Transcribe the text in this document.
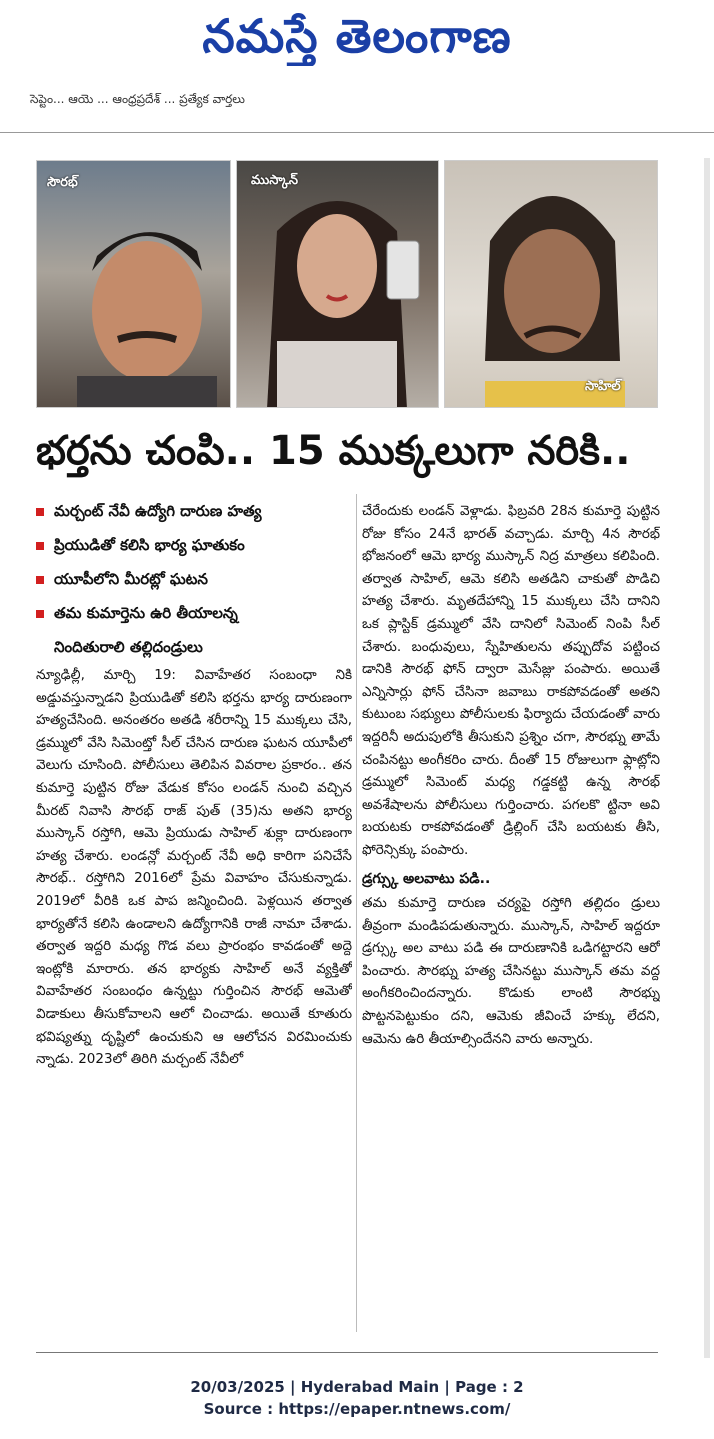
నమస్తే తెలంగాణ
సెప్టెం... ఆయె ... ఆంధ్రప్రదేశ్ ... ప్రత్యేక వార్తలు
సౌరభ్	ముస్కాన్
సాహిల్
భర్తను చంపి.. 15 ముక్కలుగా నరికి..
మర్చంట్ నేవీ ఉద్యోగి దారుణ హత్య
ప్రియుడితో కలిసి భార్య ఘాతుకం
యూపీలోని మీరట్లో ఘటన
తమ కుమార్తెను ఉరి తీయాలన్న
నిందితురాలి తల్లిదండ్రులు

న్యూఢిల్లీ, మార్చి 19: వివాహేతర సంబంధా నికి అడ్డువస్తున్నాడని ప్రియుడితో కలిసి భర్తను భార్య దారుణంగా హత్యచేసింది. అనంతరం అతడి శరీరాన్ని 15 ముక్కలు చేసి, డ్రమ్ములో వేసి సిమెంట్తో సీల్ చేసిన దారుణ ఘటన యూపీలో వెలుగు చూసింది. పోలీసులు తెలిపిన వివరాల ప్రకారం.. తన కుమార్తె పుట్టిన రోజు వేడుక కోసం లండన్ నుంచి వచ్చిన మీరట్ నివాసి సౌరభ్ రాజ్ పుత్ (35)ను అతని భార్య ముస్కాన్ రస్తోగి, ఆమె ప్రియుడు సాహిల్ శుక్లా దారుణంగా హత్య చేశారు. లండన్లో మర్చంట్ నేవీ అధి కారిగా పనిచేసే సౌరభ్.. రస్తోగిని 2016లో ప్రేమ వివాహం చేసుకున్నాడు. 2019లో వీరికి ఒక పాప జన్మించింది. పెళ్లయిన తర్వాత భార్యతోనే కలిసి ఉండాలని ఉద్యోగానికి రాజీ నామా చేశాడు. తర్వాత ఇద్దరి మధ్య గొడ వలు ప్రారంభం కావడంతో అద్దె ఇంట్లోకి మారారు. తన భార్యకు సాహిల్ అనే వ్యక్తితో వివాహేతర సంబంధం ఉన్నట్టు గుర్తించిన సౌరభ్ ఆమెతో విడాకులు తీసుకోవాలని ఆలో చించాడు. అయితే కూతురు భవిష్యత్ను దృష్టిలో ఉంచుకుని ఆ ఆలోచన విరమించుకు న్నాడు. 2023లో తిరిగి మర్చంట్ నేవీలో

చేరేందుకు లండన్ వెళ్లాడు. ఫిబ్రవరి 28న కుమార్తె పుట్టిన రోజు కోసం 24నే భారత్ వచ్చాడు. మార్చి 4న సౌరభ్ భోజనంలో ఆమె భార్య ముస్కాన్ నిద్ర మాత్రలు కలిపింది. తర్వాత సాహిల్, ఆమె కలిసి అతడిని చాకుతో పొడిచి హత్య చేశారు. మృతదేహాన్ని 15 ముక్కలు చేసి దానిని ఒక ప్లాస్టిక్ డ్రమ్ములో వేసి దానిలో సిమెంట్ నింపి సీల్ చేశారు. బంధువులు, స్నేహితులను తప్పుదోవ పట్టించ డానికి సౌరభ్ ఫోన్ ద్వారా మెసేజ్లు పంపారు. అయితే ఎన్నిసార్లు ఫోన్ చేసినా జవాబు రాకపోవడంతో అతని కుటుంబ సభ్యులు పోలీసులకు ఫిర్యాదు చేయడంతో వారు ఇద్దరినీ అదుపులోకి తీసుకుని ప్రశ్నిం చగా, సౌరభ్ను తామే చంపినట్టు అంగీకరిం చారు. దీంతో 15 రోజులుగా ఫ్లాట్లోని డ్రమ్ములో సిమెంట్ మధ్య గడ్డకట్టి ఉన్న సౌరభ్ అవశేషాలను పోలీసులు గుర్తించారు. పగలకొ ట్టినా అవి బయటకు రాకపోవడంతో డ్రిల్లింగ్ చేసి బయటకు తీసి, ఫోరెన్సిక్కు పంపారు.

డ్రగ్స్కు అలవాటు పడి..

తమ కుమార్తె దారుణ చర్యపై రస్తోగి తల్లిదం డ్రులు తీవ్రంగా మండిపడుతున్నారు. ముస్కాన్, సాహిల్ ఇద్దరూ డ్రగ్స్కు అల వాటు పడి ఈ దారుణానికి ఒడిగట్టారని ఆరో పించారు. సౌరభ్ను హత్య చేసినట్టు ముస్కాన్ తమ వద్ద అంగీకరించిందన్నారు. కొడుకు లాంటి సౌరభ్ను పొట్టనపెట్టుకుం దని, ఆమెకు జీవించే హక్కు లేదని, ఆమెను ఉరి తీయాల్సిందేనని వారు అన్నారు.

20/03/2025 | Hyderabad Main | Page : 2
Source : https://epaper.ntnews.com/
